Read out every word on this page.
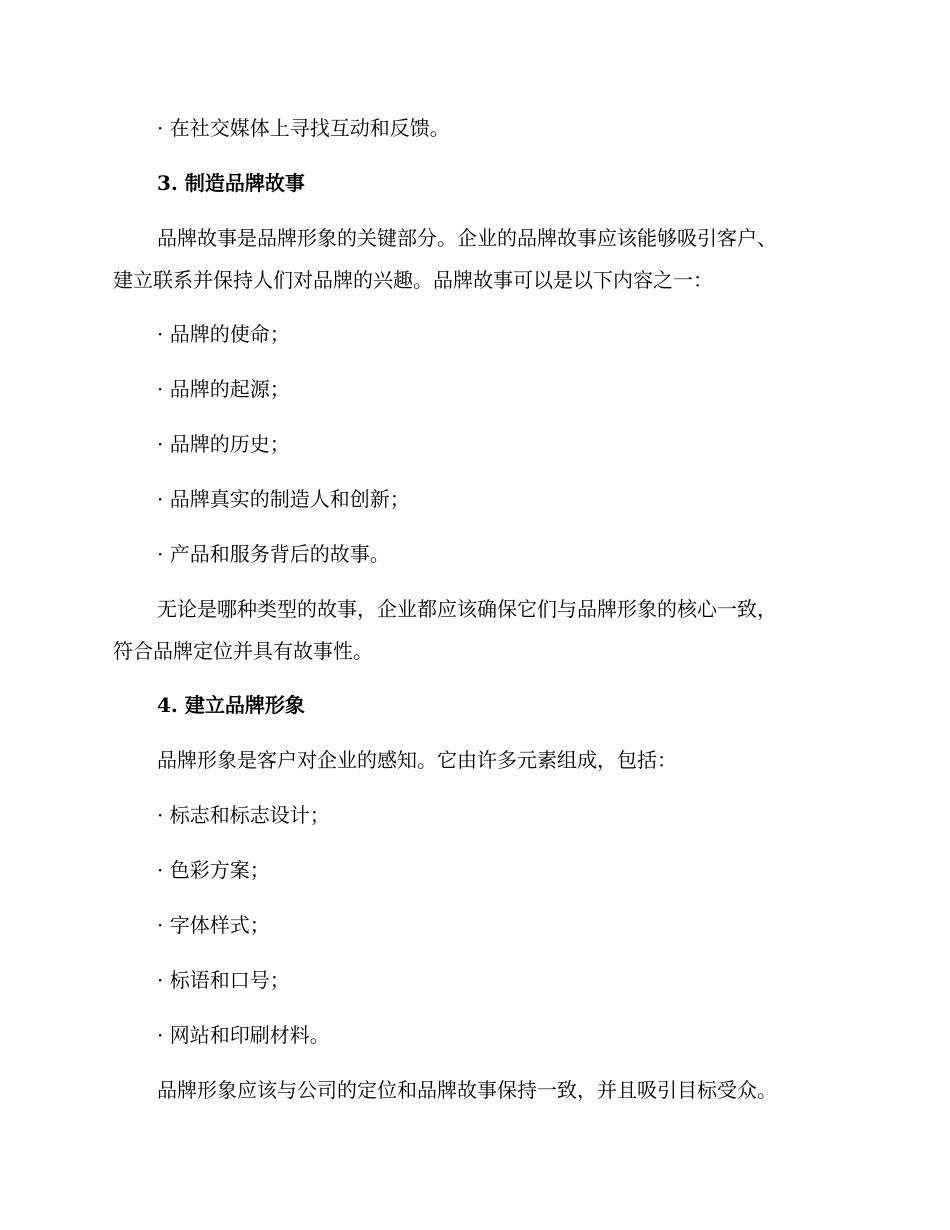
· 在社交媒体上寻找互动和反馈。
3. 制造品牌故事
品牌故事是品牌形象的关键部分。企业的品牌故事应该能够吸引客户、
建立联系并保持人们对品牌的兴趣。品牌故事可以是以下内容之一：
· 品牌的使命；
· 品牌的起源；
· 品牌的历史；
· 品牌真实的制造人和创新；
· 产品和服务背后的故事。
无论是哪种类型的故事，企业都应该确保它们与品牌形象的核心一致，
符合品牌定位并具有故事性。
4. 建立品牌形象
品牌形象是客户对企业的感知。它由许多元素组成，包括：
· 标志和标志设计；
· 色彩方案；
· 字体样式；
· 标语和口号；
· 网站和印刷材料。
品牌形象应该与公司的定位和品牌故事保持一致，并且吸引目标受众。
